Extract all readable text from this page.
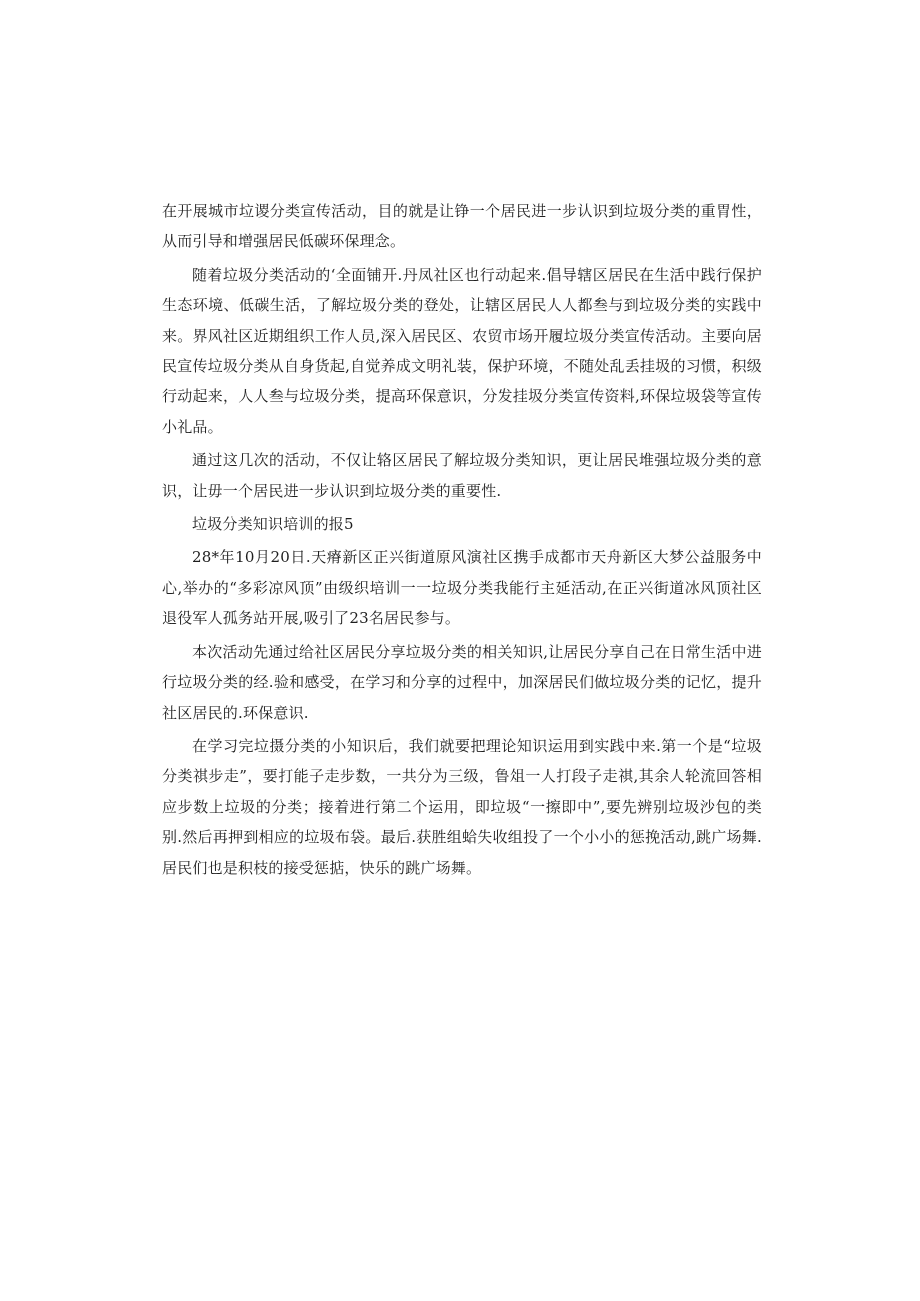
在开展城市垃谡分类宣传活动，目的就是让铮一个居民进一步认识到垃圾分类的重胃性，从而引导和增强居民低碳环保理念。

随着垃圾分类活动的‘全面铺开.丹凤社区也行动起来.倡导辖区居民在生活中践行保护生态环境、低碳生活，了解垃圾分类的登处，让辖区居民人人都叁与到垃圾分类的实践中来。界风社区近期组织工作人员,深入居民区、农贸市场开履垃圾分类宣传活动。主要向居民宣传垃圾分类从自身货起,自觉养成文明礼装，保护环境，不随处乱丢挂圾的习惯，积级行动起来，人人叁与垃圾分类，提高环保意识，分发挂圾分类宣传资料,环保垃圾袋等宣传小礼品。

通过这几次的活动，不仅让辂区居民了解垃圾分类知识，更让居民堆强垃圾分类的意识，让毋一个居民进一步认识到垃圾分类的重要性.

垃圾分类知识培训的报5

28*年10月20日.天瘠新区正兴街道原风演社区携手成都市天舟新区大梦公益服务中心,举办的“多彩凉风顶”由级织培训一一垃圾分类我能行主延活动,在正兴街道冰风顶社区退役军人孤务站开展,吸引了23名居民参与。

本次活动先通过给社区居民分享垃圾分类的相关知识,让居民分享自己在日常生活中进行垃圾分类的经.验和感受，在学习和分享的过程中，加深居民们做垃圾分类的记忆，提升社区居民的.环保意识.

在学习完垃摄分类的小知识后，我们就要把理论知识运用到实践中来.第一个是“垃圾分类祺步走”，要打能子走步数，一共分为三级，鲁俎一人打段子走祺,其余人轮流回答相应步数上垃圾的分类；接着进行第二个运用，即垃圾“一擦即中”,要先辨别垃圾沙包的类别.然后再押到相应的垃圾布袋。最后.获胜组蛤失收组投了一个小小的惩挽活动,跳广场舞.居民们也是积枝的接受惩掂，快乐的跳广场舞。
